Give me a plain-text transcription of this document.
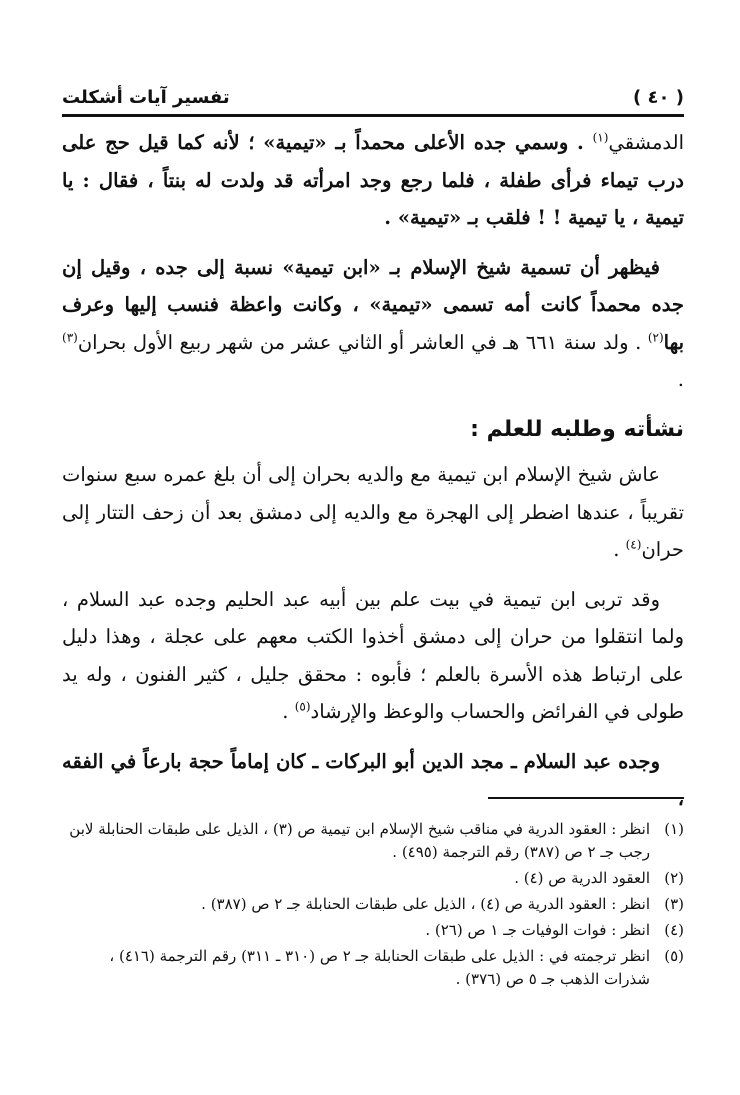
( ٤٠ )
تفسير آيات أشكلت

الدمشقي$^{(١)}$ . وسمي جده الأعلى محمداً بـ «تيمية» ؛ لأنه كما قيل حج على درب تيماء فرأى طفلة ، فلما رجع وجد امرأته قد ولدت له بنتاً ، فقال : يا تيمية ، يا تيمية ! ! فلقب بـ «تيمية» .

فيظهر أن تسمية شيخ الإسلام بـ «ابن تيمية» نسبة إلى جده ، وقيل إن جده محمداً كانت أمه تسمى «تيمية» ، وكانت واعظة فنسب إليها وعرف بها$^{(٢)}$ . ولد سنة ٦٦١ هـ في العاشر أو الثاني عشر من شهر ربيع الأول بحران$^{(٣)}$ .

نشأته وطلبه للعلم :

عاش شيخ الإسلام ابن تيمية مع والديه بحران إلى أن بلغ عمره سبع سنوات تقريباً ، عندها اضطر إلى الهجرة مع والديه إلى دمشق بعد أن زحف التتار إلى حران$^{(٤)}$ .

وقد تربى ابن تيمية في بيت علم بين أبيه عبد الحليم وجده عبد السلام ، ولما انتقلوا من حران إلى دمشق أخذوا الكتب معهم على عجلة ، وهذا دليل على ارتباط هذه الأسرة بالعلم ؛ فأبوه : محقق جليل ، كثير الفنون ، وله يد طولى في الفرائض والحساب والوعظ والإرشاد$^{(٥)}$ .

وجده عبد السلام ـ مجد الدين أبو البركات ـ كان إماماً حجة بارعاً في الفقه ،

(١)
انظر : العقود الدرية في مناقب شيخ الإسلام ابن تيمية ص (٣) ، الذيل على طبقات الحنابلة لابن رجب جـ ٢ ص (٣٨٧) رقم الترجمة (٤٩٥) .
(٢)
العقود الدرية ص (٤) .
(٣)
انظر : العقود الدرية ص (٤) ، الذيل على طبقات الحنابلة جـ ٢ ص (٣٨٧) .
(٤)
انظر : فوات الوفيات جـ ١ ص (٢٦) .
(٥)
انظر ترجمته في : الذيل على طبقات الحنابلة جـ ٢ ص (٣١٠ ـ ٣١١) رقم الترجمة (٤١٦) ، شذرات الذهب جـ ٥ ص (٣٧٦) .
